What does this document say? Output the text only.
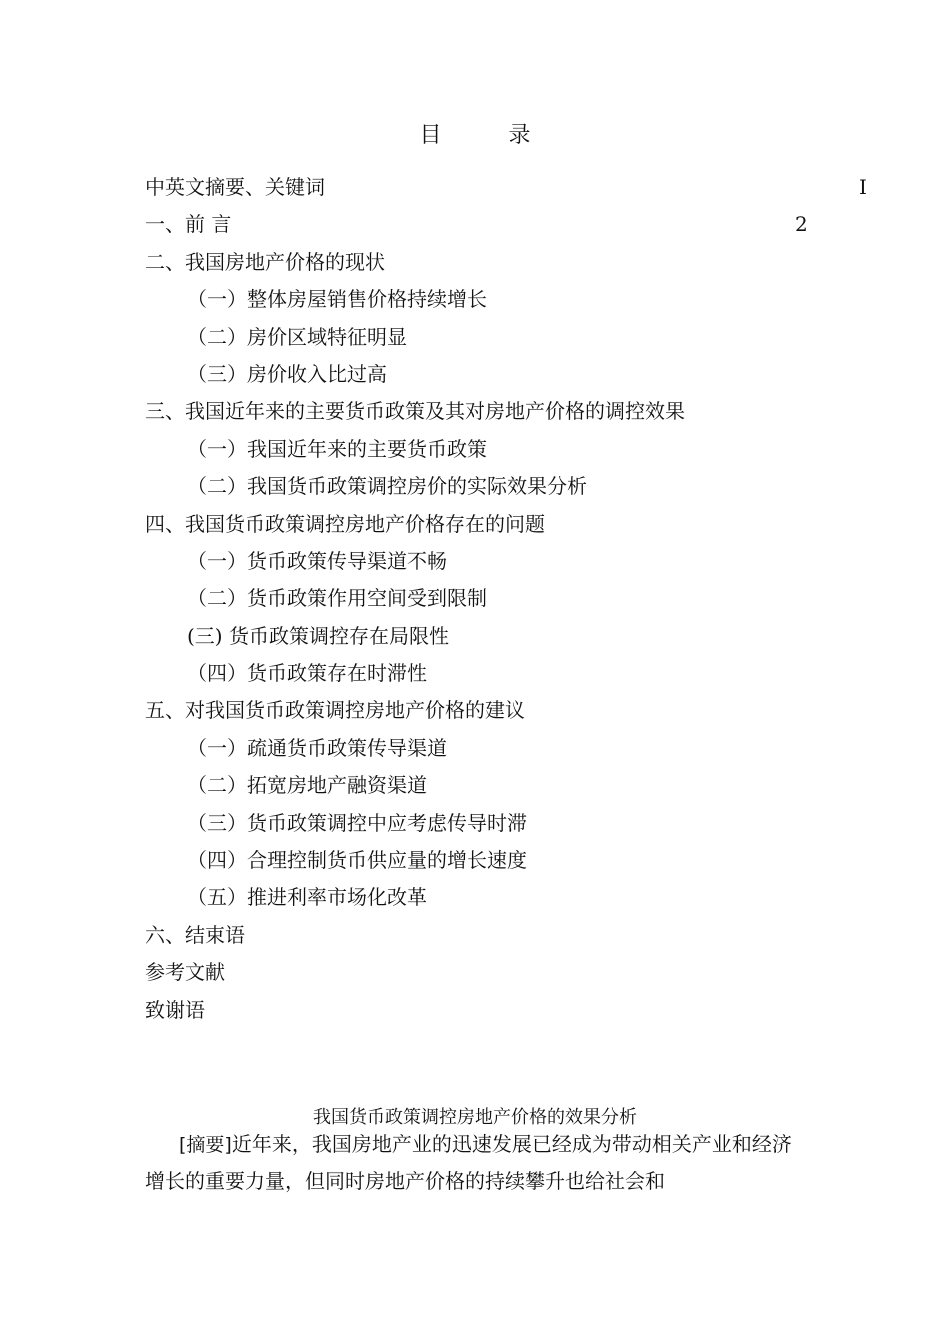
目 录
中英文摘要、关键词	I
一、前 言	2
二、我国房地产价格的现状
（一）整体房屋销售价格持续增长
（二）房价区域特征明显
（三）房价收入比过高
三、我国近年来的主要货币政策及其对房地产价格的调控效果
（一）我国近年来的主要货币政策
（二）我国货币政策调控房价的实际效果分析
四、我国货币政策调控房地产价格存在的问题
（一）货币政策传导渠道不畅
（二）货币政策作用空间受到限制
(三) 货币政策调控存在局限性
（四）货币政策存在时滞性
五、对我国货币政策调控房地产价格的建议
（一）疏通货币政策传导渠道
（二）拓宽房地产融资渠道
（三）货币政策调控中应考虑传导时滞
（四）合理控制货币供应量的增长速度
（五）推进利率市场化改革
六、结束语
参考文献
致谢语
我国货币政策调控房地产价格的效果分析
[摘要]近年来，我国房地产业的迅速发展已经成为带动相关产业和经济增长的重要力量，但同时房地产价格的持续攀升也给社会和
